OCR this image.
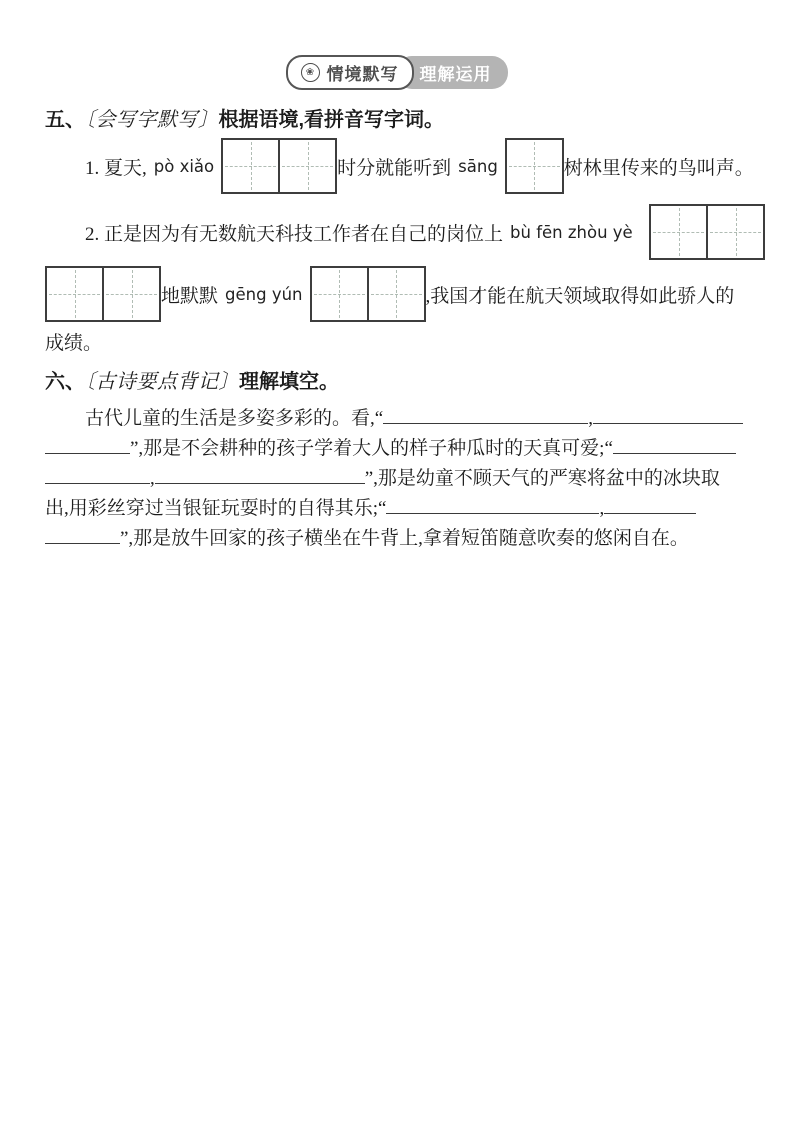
❀ 情境默写	理解运用
五、〔会写字默写〕根据语境,看拼音写字词。
1. 夏天, pò xiǎo	时分就能听到 sāng	树林里传来的鸟叫声。
2. 正是因为有无数航天科技工作者在自己的岗位上 bù fēn zhòu yè
地默默 gēng yún	,我国才能在航天领域取得如此骄人的
成绩。
六、〔古诗要点背记〕理解填空。
古代儿童的生活是多姿多彩的。看,“	,
”,那是不会耕种的孩子学着大人的样子种瓜时的天真可爱;“
,	”,那是幼童不顾天气的严寒将盆中的冰块取
出,用彩丝穿过当银钲玩耍时的自得其乐;“	,
”,那是放牛回家的孩子横坐在牛背上,拿着短笛随意吹奏的悠闲自在。
